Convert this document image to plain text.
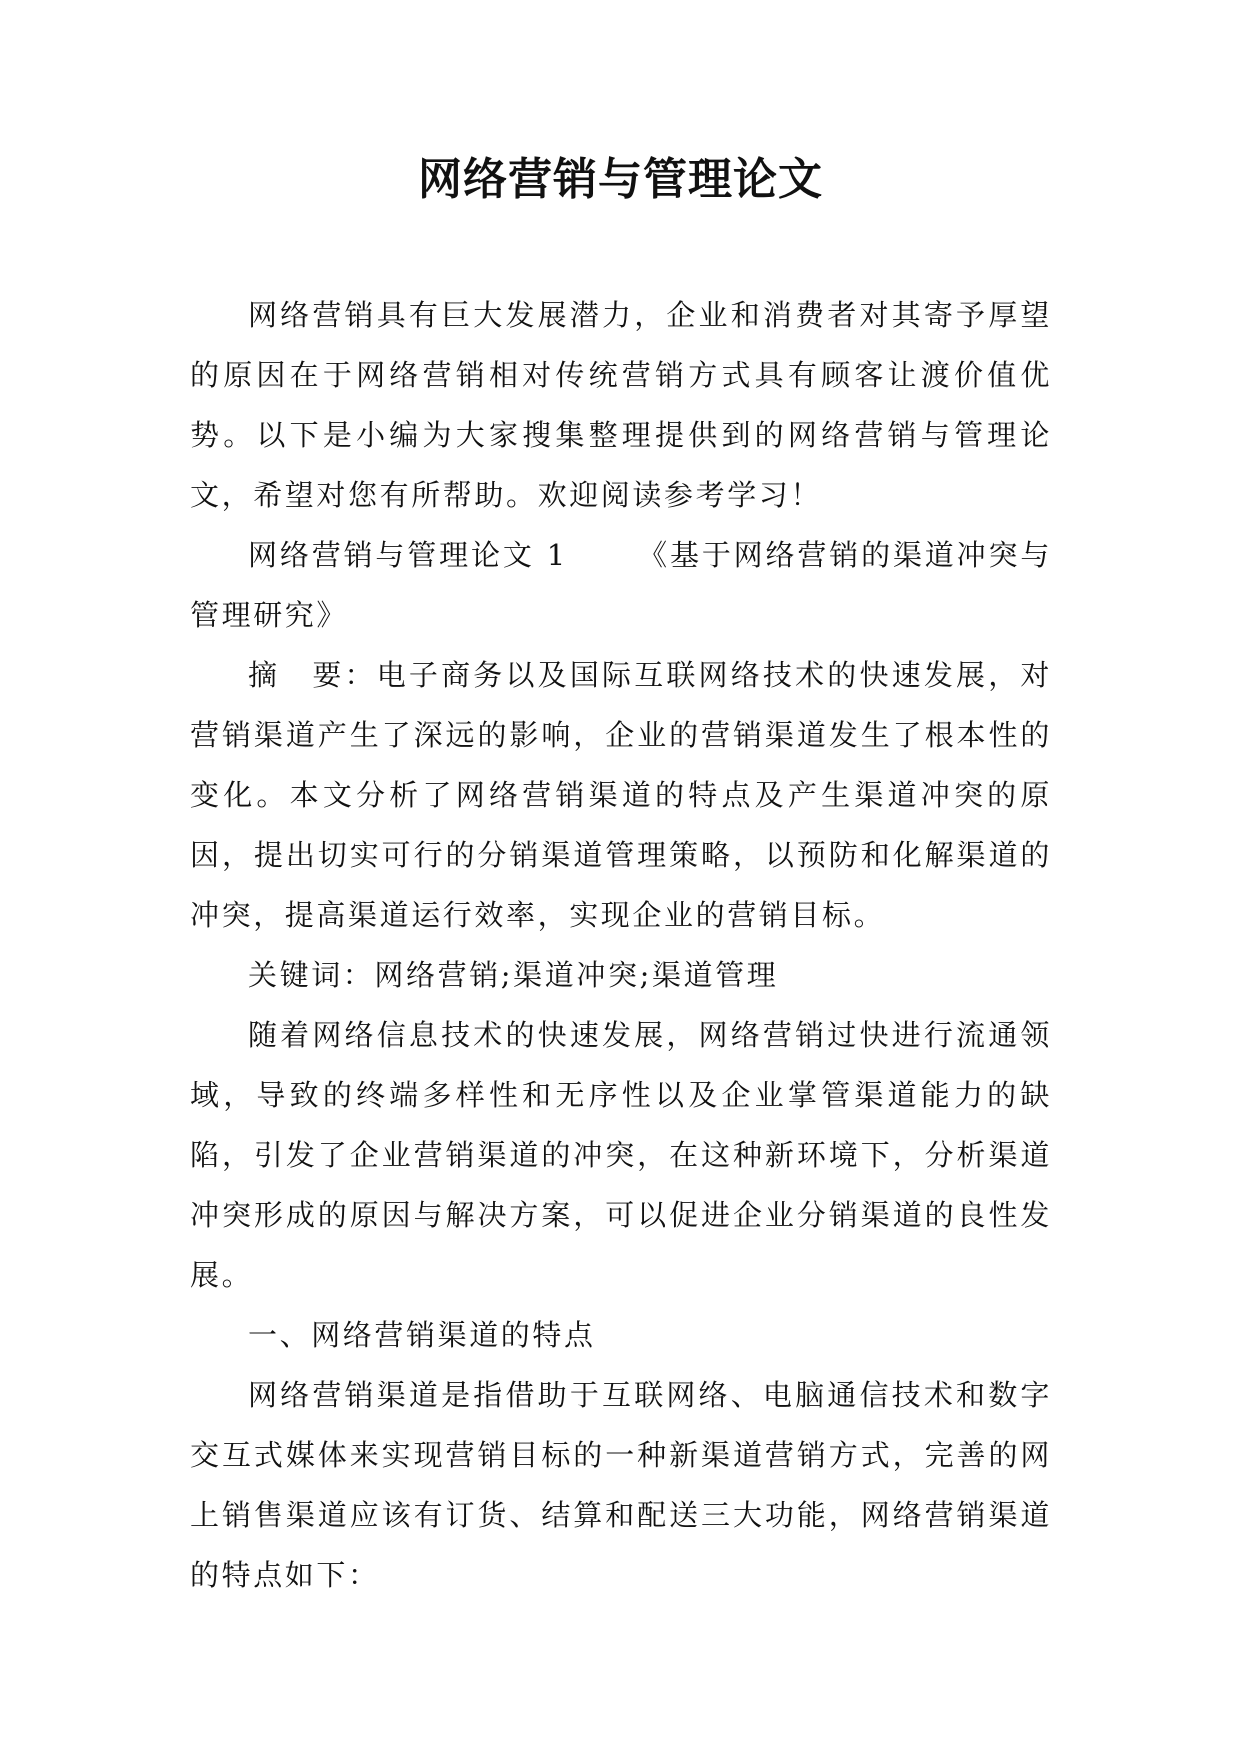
网络营销与管理论文

网络营销具有巨大发展潜力，企业和消费者对其寄予厚望的原因在于网络营销相对传统营销方式具有顾客让渡价值优势。以下是小编为大家搜集整理提供到的网络营销与管理论文，希望对您有所帮助。欢迎阅读参考学习！

网络营销与管理论文 1 《基于网络营销的渠道冲突与管理研究》

摘　要：电子商务以及国际互联网络技术的快速发展，对营销渠道产生了深远的影响，企业的营销渠道发生了根本性的变化。本文分析了网络营销渠道的特点及产生渠道冲突的原因，提出切实可行的分销渠道管理策略，以预防和化解渠道的冲突，提高渠道运行效率，实现企业的营销目标。

关键词：网络营销;渠道冲突;渠道管理

随着网络信息技术的快速发展，网络营销过快进行流通领域，导致的终端多样性和无序性以及企业掌管渠道能力的缺陷，引发了企业营销渠道的冲突，在这种新环境下，分析渠道冲突形成的原因与解决方案，可以促进企业分销渠道的良性发展。

一、网络营销渠道的特点

网络营销渠道是指借助于互联网络、电脑通信技术和数字交互式媒体来实现营销目标的一种新渠道营销方式，完善的网上销售渠道应该有订货、结算和配送三大功能，网络营销渠道的特点如下：
